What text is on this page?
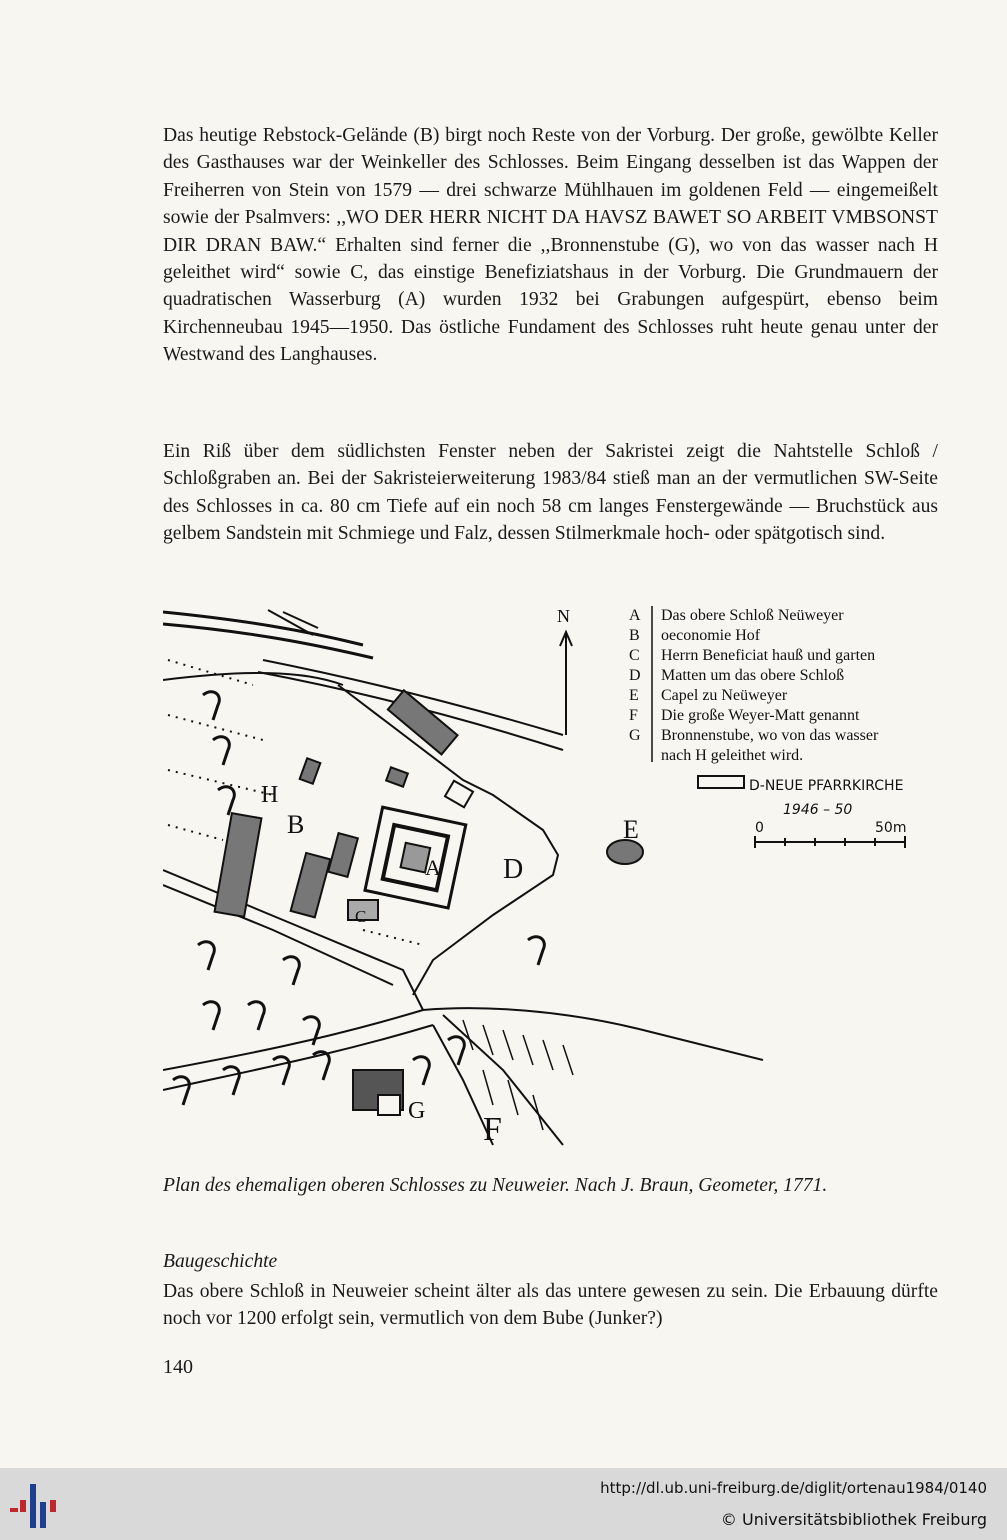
Das heutige Rebstock-Gelände (B) birgt noch Reste von der Vorburg. Der große, gewölbte Keller des Gasthauses war der Weinkeller des Schlosses. Beim Eingang desselben ist das Wappen der Freiherren von Stein von 1579 — drei schwarze Mühlhauen im goldenen Feld — eingemeißelt sowie der Psalmvers: ,,WO DER HERR NICHT DA HAVSZ BAWET SO ARBEIT VMBSONST DIR DRAN BAW.“ Erhalten sind ferner die ,,Bronnenstube (G), wo von das wasser nach H geleithet wird“ sowie C, das einstige Benefiziatshaus in der Vorburg. Die Grundmauern der quadratischen Wasserburg (A) wurden 1932 bei Grabungen aufgespürt, ebenso beim Kirchenneubau 1945—1950. Das östliche Fundament des Schlosses ruht heute genau unter der Westwand des Langhauses.

Ein Riß über dem südlichsten Fenster neben der Sakristei zeigt die Nahtstelle Schloß / Schloßgraben an. Bei der Sakristeierweiterung 1983/84 stieß man an der vermutlichen SW-Seite des Schlosses in ca. 80 cm Tiefe auf ein noch 58 cm langes Fenstergewände — Bruchstück aus gelbem Sandstein mit Schmiege und Falz, dessen Stilmerkmale hoch- oder spätgotisch sind.

H
B
A
C
D
E
G F
N	A Das obere Schloß Neüweyer
B oeconomie Hof
C Herrn Beneficiat hauß und garten
D Matten um das obere Schloß
E Capel zu Neüweyer
F Die große Weyer-Matt genannt
G Bronnenstube, wo von das wasser
nach H geleithet wird.
D-NEUE PFARRKIRCHE
1946 – 50
0	50m
Plan des ehemaligen oberen Schlosses zu Neuweier. Nach J. Braun, Geometer, 1771.
Baugeschichte
Das obere Schloß in Neuweier scheint älter als das untere gewesen zu sein. Die Erbauung dürfte noch vor 1200 erfolgt sein, vermutlich von dem Bube (Junker?)
140
http://dl.ub.uni-freiburg.de/diglit/ortenau1984/0140
© Universitätsbibliothek Freiburg
